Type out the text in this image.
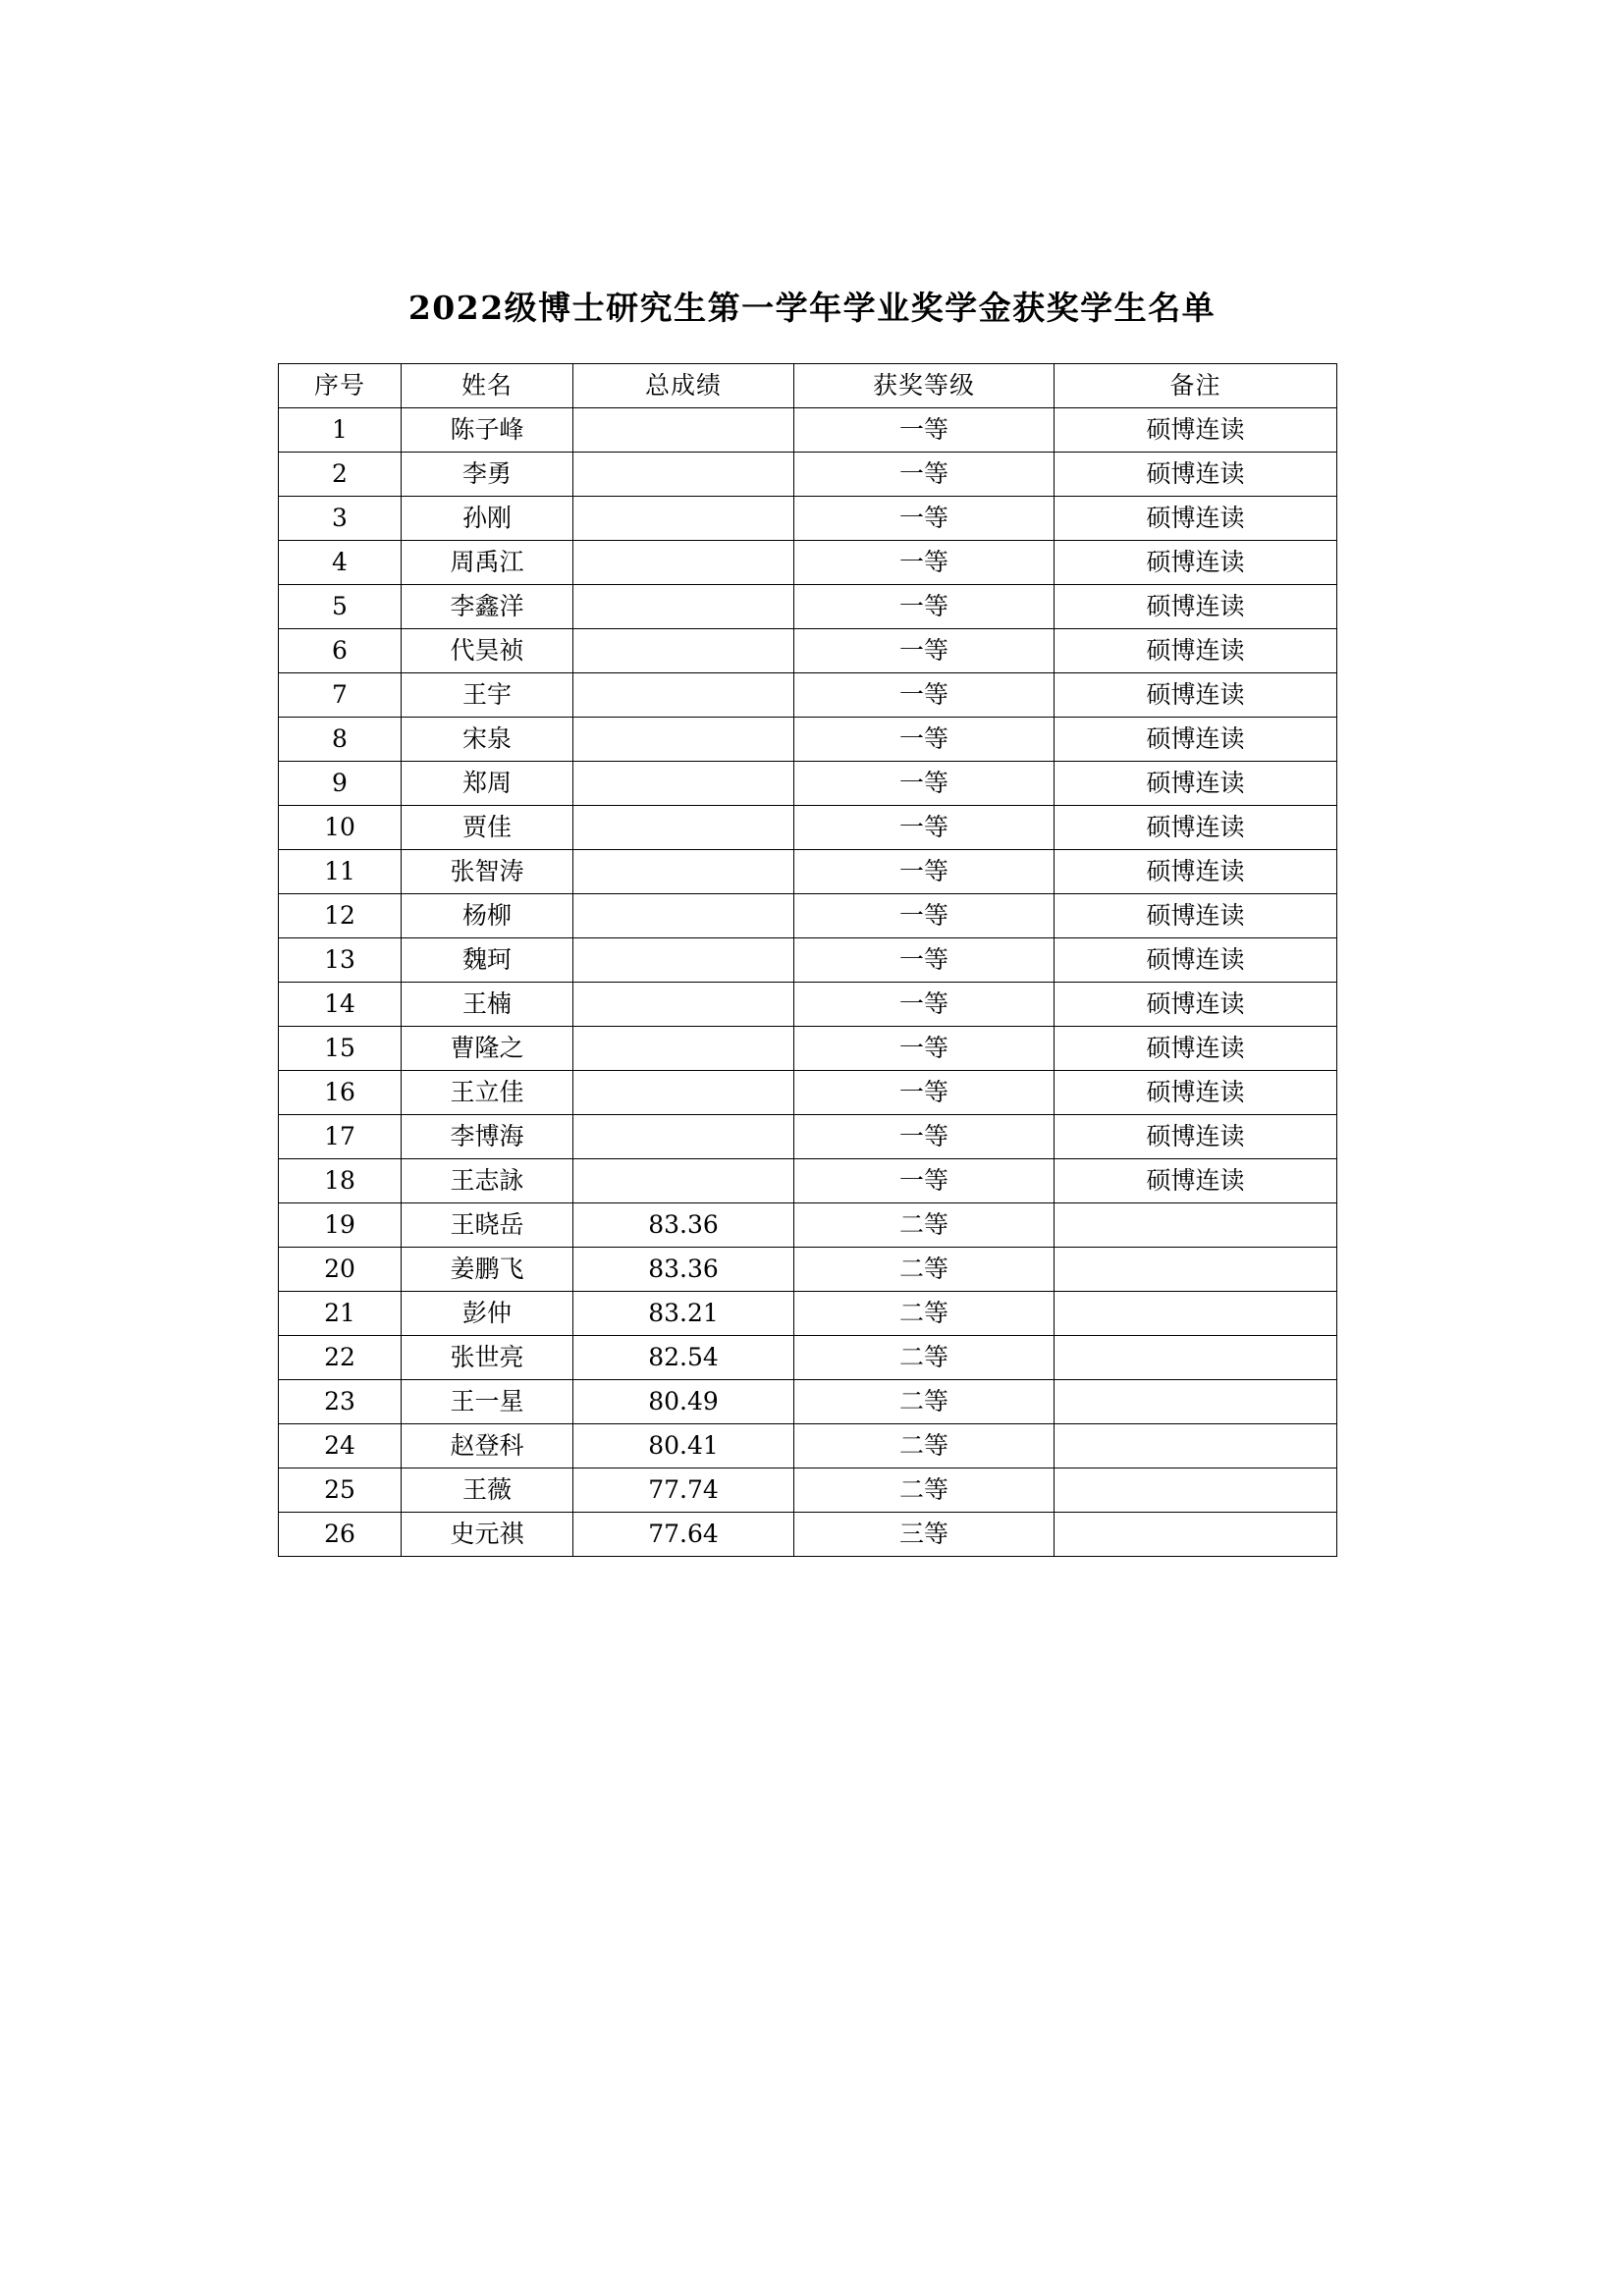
2022级博士研究生第一学年学业奖学金获奖学生名单
序号	姓名	总成绩	获奖等级	备注
1	陈子峰		一等	硕博连读
2	李勇		一等	硕博连读
3	孙刚		一等	硕博连读
4	周禹江		一等	硕博连读
5	李鑫洋		一等	硕博连读
6	代昊祯		一等	硕博连读
7	王宇		一等	硕博连读
8	宋泉		一等	硕博连读
9	郑周		一等	硕博连读
10	贾佳		一等	硕博连读
11	张智涛		一等	硕博连读
12	杨柳		一等	硕博连读
13	魏珂		一等	硕博连读
14	王楠		一等	硕博连读
15	曹隆之		一等	硕博连读
16	王立佳		一等	硕博连读
17	李博海		一等	硕博连读
18	王志詠		一等	硕博连读
19	王晓岳	83.36	二等	
20	姜鹏飞	83.36	二等	
21	彭仲	83.21	二等	
22	张世亮	82.54	二等	
23	王一星	80.49	二等	
24	赵登科	80.41	二等	
25	王薇	77.74	二等	
26	史元祺	77.64	三等	
